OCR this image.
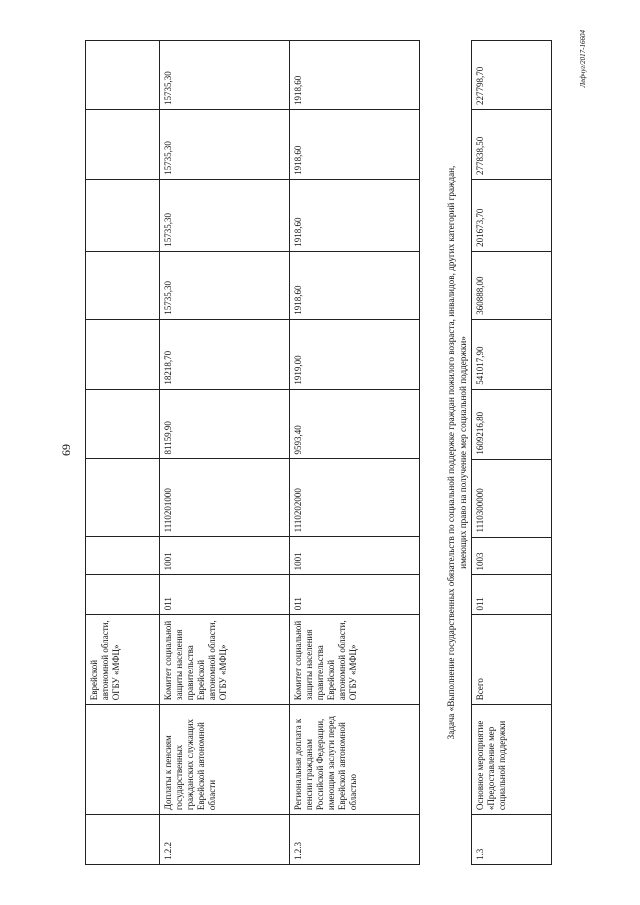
69
		Еврейской автономной области, ОГБУ «МФЦ»									
1.2.2	Доплаты к пенсиям государственных гражданских служащих Еврейской автономной области	Комитет социальной защиты населения правительства Еврейской автономной области, ОГБУ «МФЦ»	011	1001	1110201000	81159,90	18218,70	15735,30	15735,30	15735,30	15735,30
1.2.3	Региональная доплата к пенсии гражданам Российской Федерации, имеющим заслуги перед Еврейской автономной областью	Комитет социальной защиты населения правительства Еврейской автономной области, ОГБУ «МФЦ»	011	1001	1110202000	9593,40	1919,00	1918,60	1918,60	1918,60	1918,60
Задача «Выполнение государственных обязательств по социальной поддержке граждан пожилого возраста, инвалидов, других категорий граждан, имеющих право на получение мер социальной поддержки»
1.3	Основное мероприятие «Предоставление мер социальной поддержки	Всего	011	1003	1110300000	1609216,80	541017,90	360888,00	201673,70	277838,50	227798,70	Лефчуг/2017-16604
